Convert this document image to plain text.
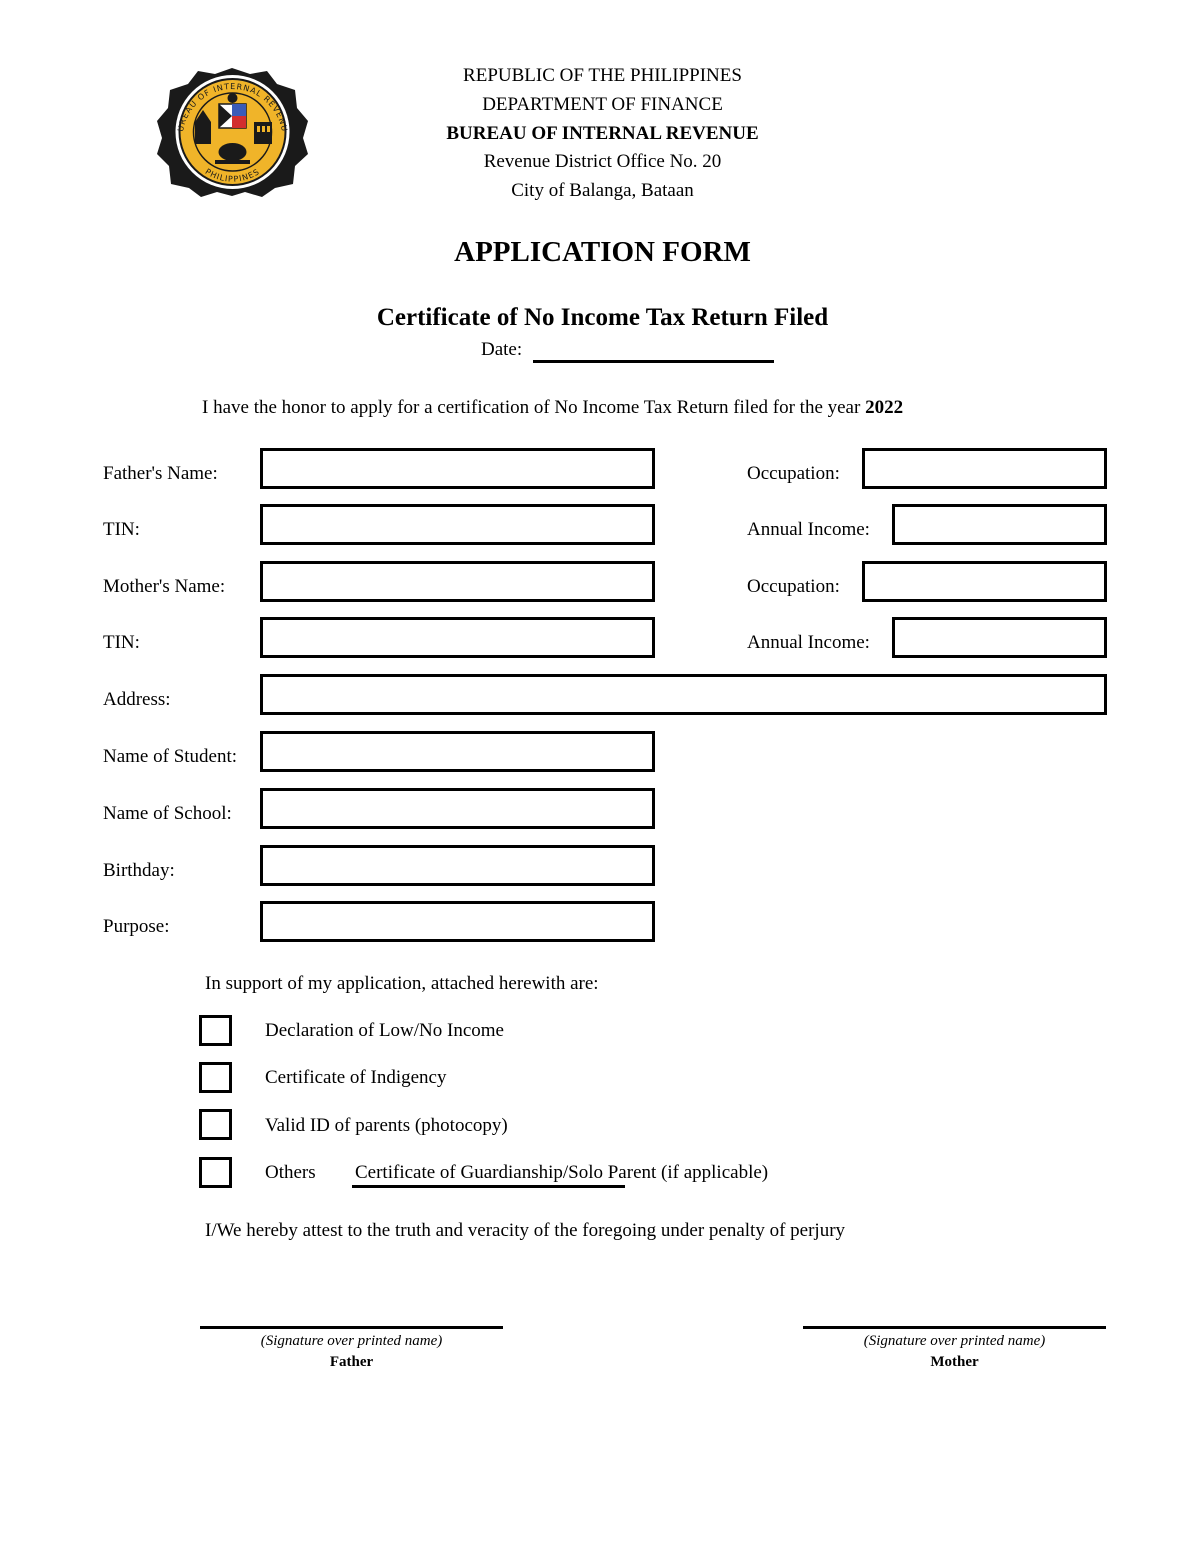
UREAU OF INTERNAL REVENU
PHILIPPINES
REPUBLIC OF THE PHILIPPINES
DEPARTMENT OF FINANCE
BUREAU OF INTERNAL REVENUE
Revenue District Office No. 20
City of Balanga, Bataan
APPLICATION FORM
Certificate of No Income Tax Return Filed
Date:
I have the honor to apply for a certification of No Income Tax Return filed for the year 2022
Father's Name:	Occupation:
TIN:	Annual Income:
Mother's Name:	Occupation:
TIN:	Annual Income:
Address:
Name of Student:
Name of School:
Birthday:
Purpose:
In support of my application, attached herewith are:
Declaration of Low/No Income
Certificate of Indigency
Valid ID of parents (photocopy)
Others Certificate of Guardianship/Solo Parent (if applicable)
I/We hereby attest to the truth and veracity of the foregoing under penalty of perjury
(Signature over printed name)
Father
(Signature over printed name)
Mother
